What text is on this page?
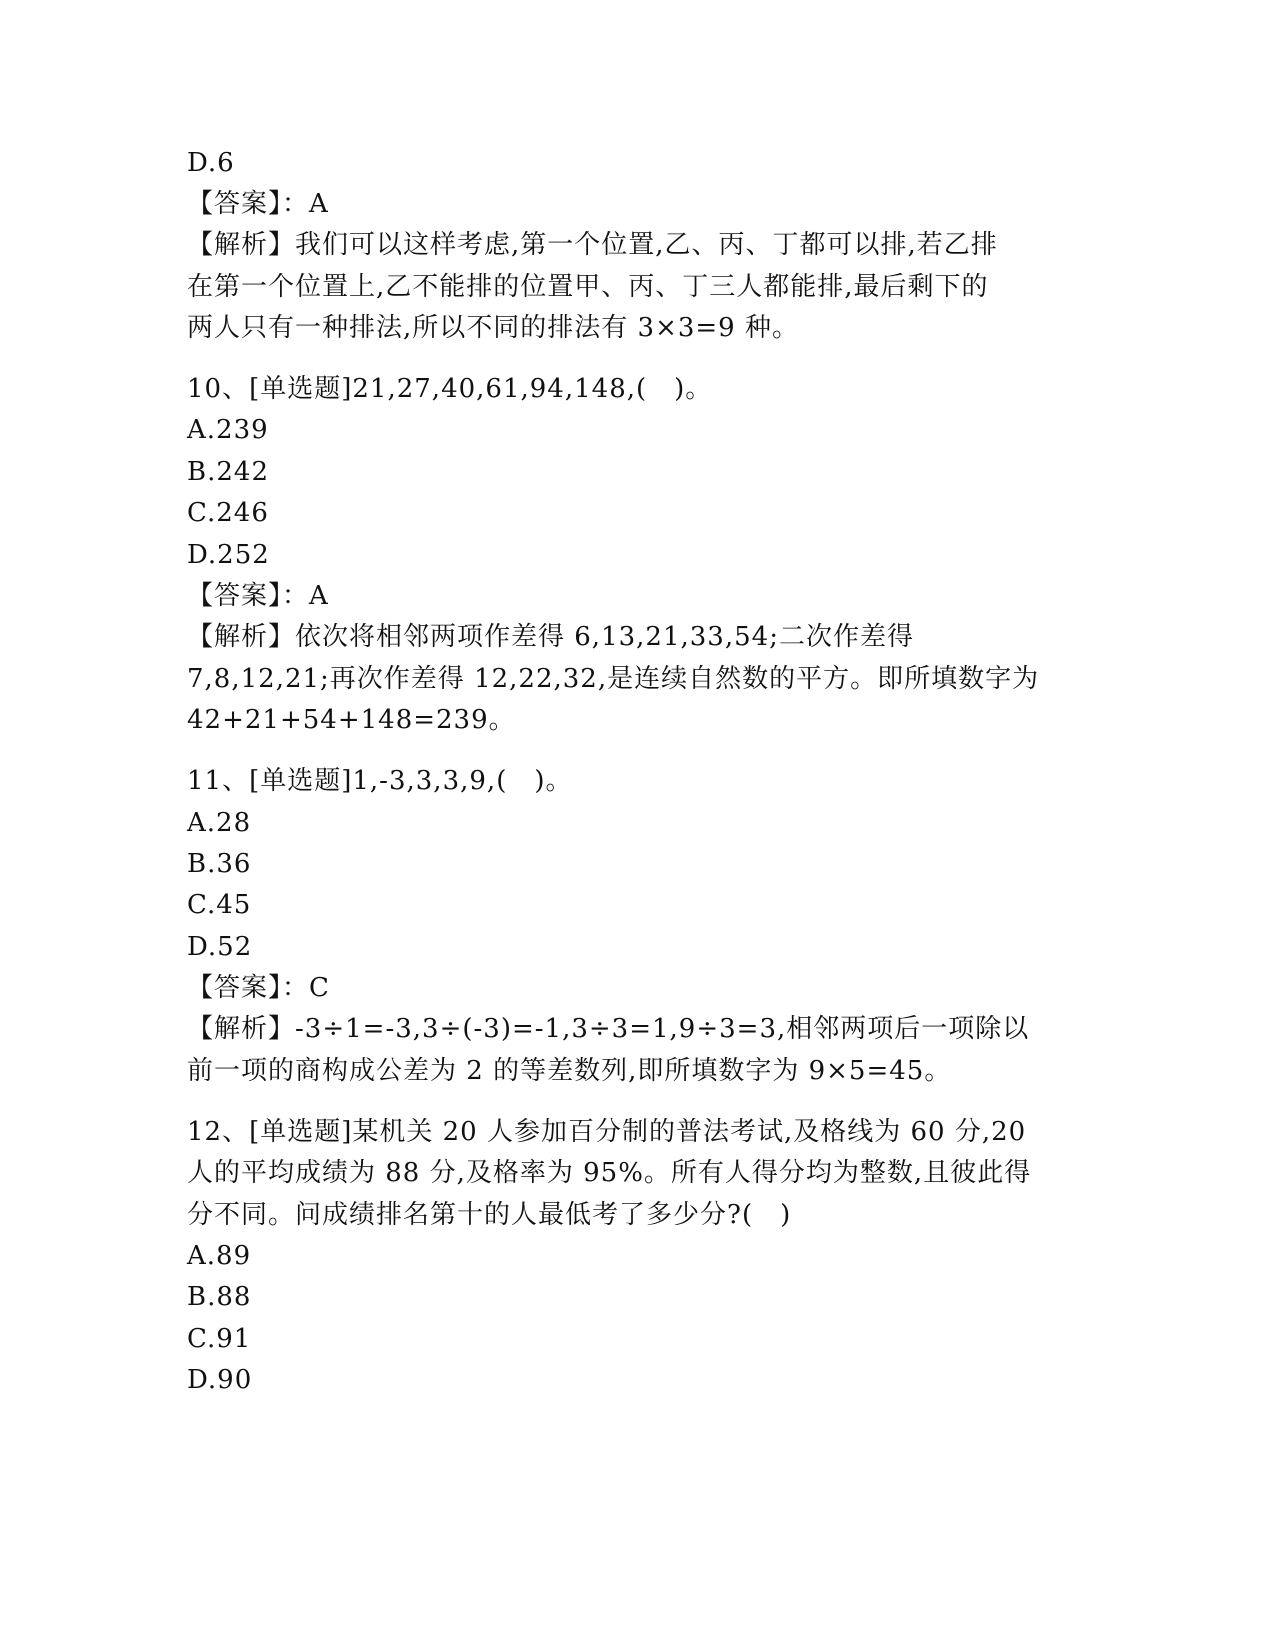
D.6
【答案】：A
【解析】我们可以这样考虑,第一个位置,乙、丙、丁都可以排,若乙排
在第一个位置上,乙不能排的位置甲、丙、丁三人都能排,最后剩下的
两人只有一种排法,所以不同的排法有 3×3=9 种。
10、[单选题]21,27,40,61,94,148,(　)。
A.239
B.242
C.246
D.252
【答案】：A
【解析】依次将相邻两项作差得 6,13,21,33,54;二次作差得
7,8,12,21;再次作差得 12,22,32,是连续自然数的平方。即所填数字为
42+21+54+148=239。
11、[单选题]1,-3,3,3,9,(　)。
A.28
B.36
C.45
D.52
【答案】：C
【解析】-3÷1=-3,3÷(-3)=-1,3÷3=1,9÷3=3,相邻两项后一项除以
前一项的商构成公差为 2 的等差数列,即所填数字为 9×5=45。
12、[单选题]某机关 20 人参加百分制的普法考试,及格线为 60 分,20
人的平均成绩为 88 分,及格率为 95%。所有人得分均为整数,且彼此得
分不同。问成绩排名第十的人最低考了多少分?(　)
A.89
B.88
C.91
D.90
